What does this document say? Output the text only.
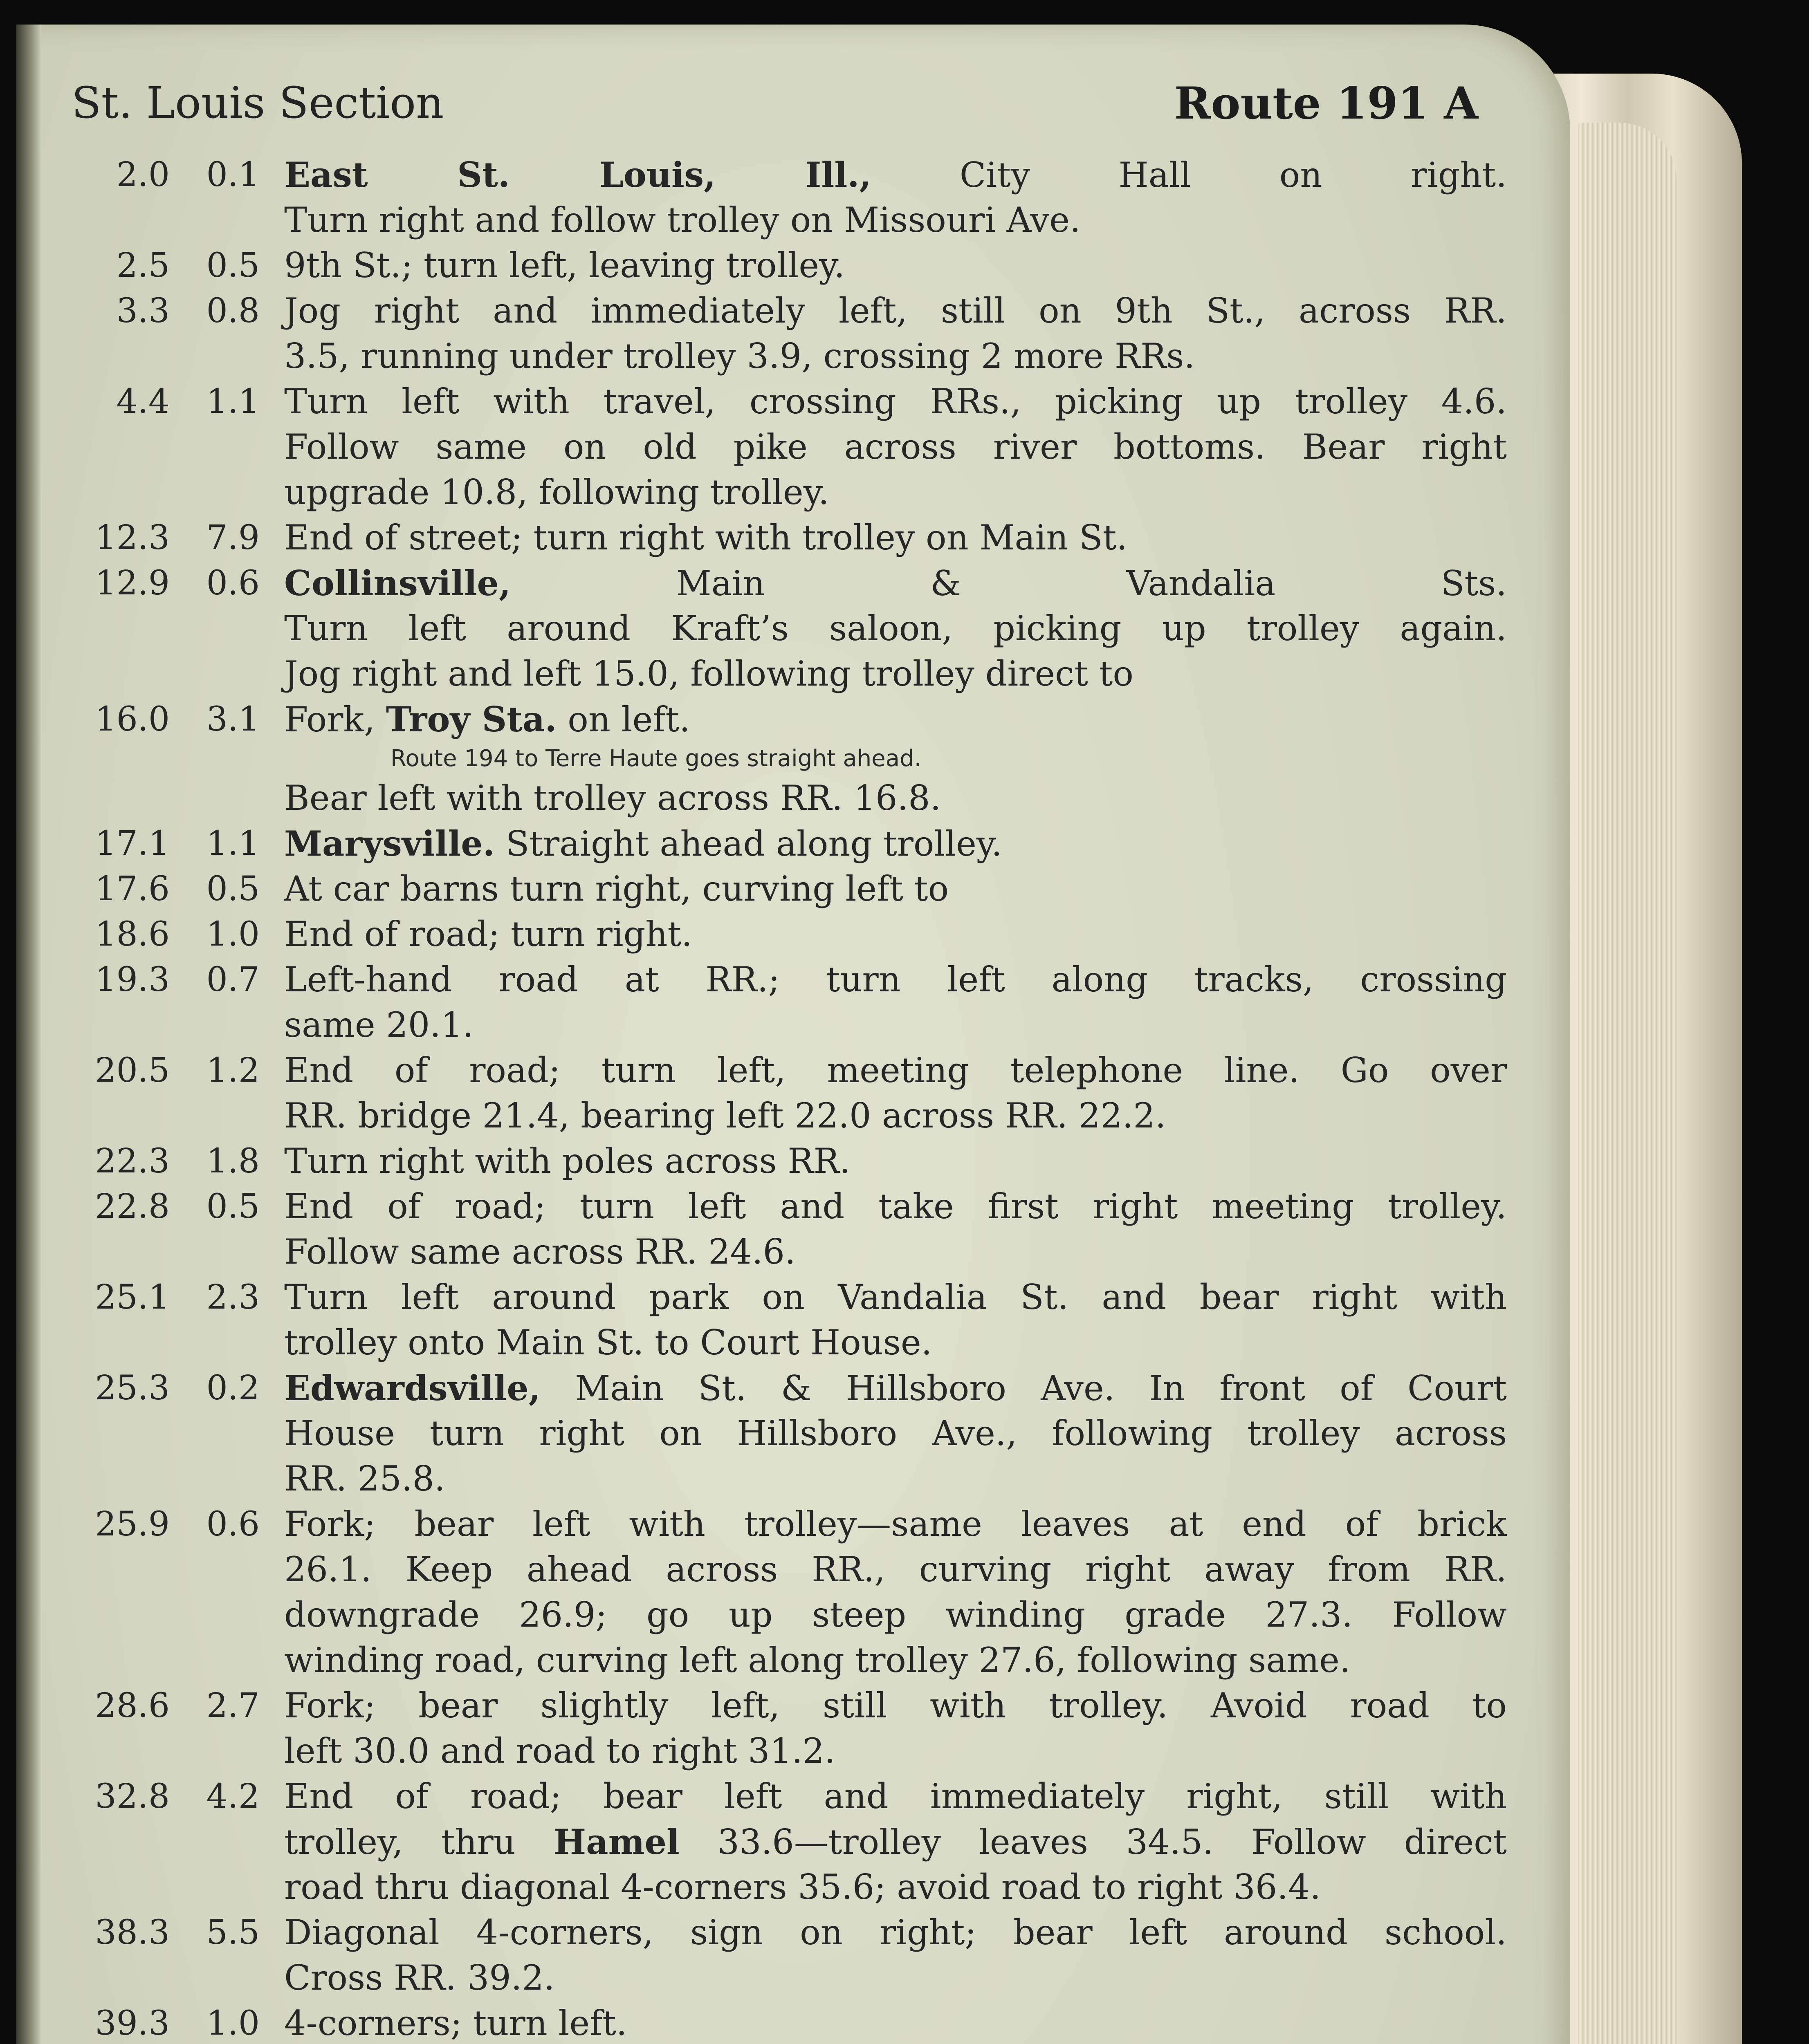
St. Louis Section	Route 191 A
2.0	0.1 East St. Louis, Ill., City Hall on right.
Turn right and follow trolley on Missouri Ave.
2.5	0.5 9th St.; turn left, leaving trolley.
3.3	0.8 Jog right and immediately left, still on 9th St., across RR.
3.5, running under trolley 3.9, crossing 2 more RRs.
4.4	1.1 Turn left with travel, crossing RRs., picking up trolley 4.6.
Follow same on old pike across river bottoms. Bear right
upgrade 10.8, following trolley.
12.3	7.9 End of street; turn right with trolley on Main St.
12.9	0.6 Collinsville, Main & Vandalia Sts.
Turn left around Kraft’s saloon, picking up trolley again.
Jog right and left 15.0, following trolley direct to
16.0	3.1 Fork, Troy Sta. on left.
Route 194 to Terre Haute goes straight ahead.
Bear left with trolley across RR. 16.8.
17.1	1.1 Marysville. Straight ahead along trolley.
17.6	0.5 At car barns turn right, curving left to
18.6	1.0 End of road; turn right.
19.3	0.7 Left-hand road at RR.; turn left along tracks, crossing
same 20.1.
20.5	1.2 End of road; turn left, meeting telephone line. Go over
RR. bridge 21.4, bearing left 22.0 across RR. 22.2.
22.3	1.8 Turn right with poles across RR.
22.8	0.5 End of road; turn left and take first right meeting trolley.
Follow same across RR. 24.6.
25.1	2.3 Turn left around park on Vandalia St. and bear right with
trolley onto Main St. to Court House.
25.3	0.2 Edwardsville, Main St. & Hillsboro Ave. In front of Court
House turn right on Hillsboro Ave., following trolley across
RR. 25.8.
25.9	0.6 Fork; bear left with trolley—same leaves at end of brick
26.1. Keep ahead across RR., curving right away from RR.
downgrade 26.9; go up steep winding grade 27.3. Follow
winding road, curving left along trolley 27.6, following same.
28.6	2.7 Fork; bear slightly left, still with trolley. Avoid road to
left 30.0 and road to right 31.2.
32.8	4.2 End of road; bear left and immediately right, still with
trolley, thru Hamel 33.6—trolley leaves 34.5. Follow direct
road thru diagonal 4-corners 35.6; avoid road to right 36.4.
38.3	5.5 Diagonal 4-corners, sign on right; bear left around school.
Cross RR. 39.2.
39.3	1.0 4-corners; turn left.
